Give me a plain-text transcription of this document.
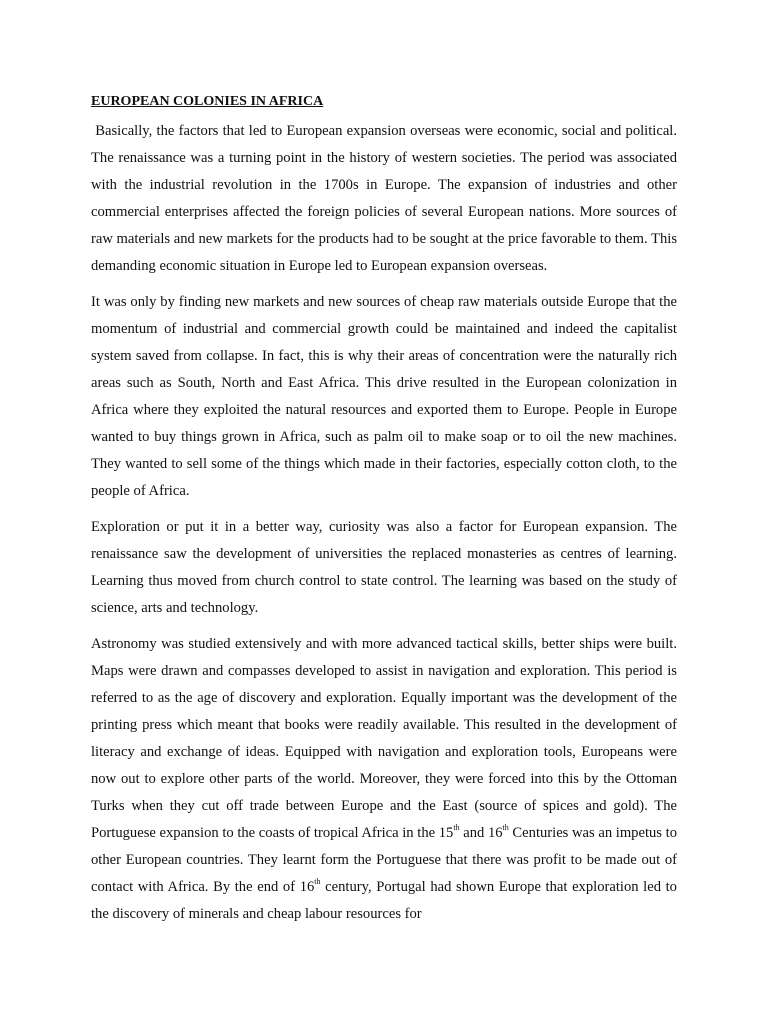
EUROPEAN COLONIES IN AFRICA

Basically, the factors that led to European expansion overseas were economic, social and political. The renaissance was a turning point in the history of western societies. The period was associated with the industrial revolution in the 1700s in Europe. The expansion of industries and other commercial enterprises affected the foreign policies of several European nations. More sources of raw materials and new markets for the products had to be sought at the price favorable to them. This demanding economic situation in Europe led to European expansion overseas.

It was only by finding new markets and new sources of cheap raw materials outside Europe that the momentum of industrial and commercial growth could be maintained and indeed the capitalist system saved from collapse. In fact, this is why their areas of concentration were the naturally rich areas such as South, North and East Africa. This drive resulted in the European colonization in Africa where they exploited the natural resources and exported them to Europe. People in Europe wanted to buy things grown in Africa, such as palm oil to make soap or to oil the new machines. They wanted to sell some of the things which made in their factories, especially cotton cloth, to the people of Africa.

Exploration or put it in a better way, curiosity was also a factor for European expansion. The renaissance saw the development of universities the replaced monasteries as centres of learning. Learning thus moved from church control to state control. The learning was based on the study of science, arts and technology.

Astronomy was studied extensively and with more advanced tactical skills, better ships were built. Maps were drawn and compasses developed to assist in navigation and exploration. This period is referred to as the age of discovery and exploration. Equally important was the development of the printing press which meant that books were readily available. This resulted in the development of literacy and exchange of ideas. Equipped with navigation and exploration tools, Europeans were now out to explore other parts of the world. Moreover, they were forced into this by the Ottoman Turks when they cut off trade between Europe and the East (source of spices and gold). The Portuguese expansion to the coasts of tropical Africa in the 15th and 16th Centuries was an impetus to other European countries. They learnt form the Portuguese that there was profit to be made out of contact with Africa. By the end of 16th century, Portugal had shown Europe that exploration led to the discovery of minerals and cheap labour resources for
